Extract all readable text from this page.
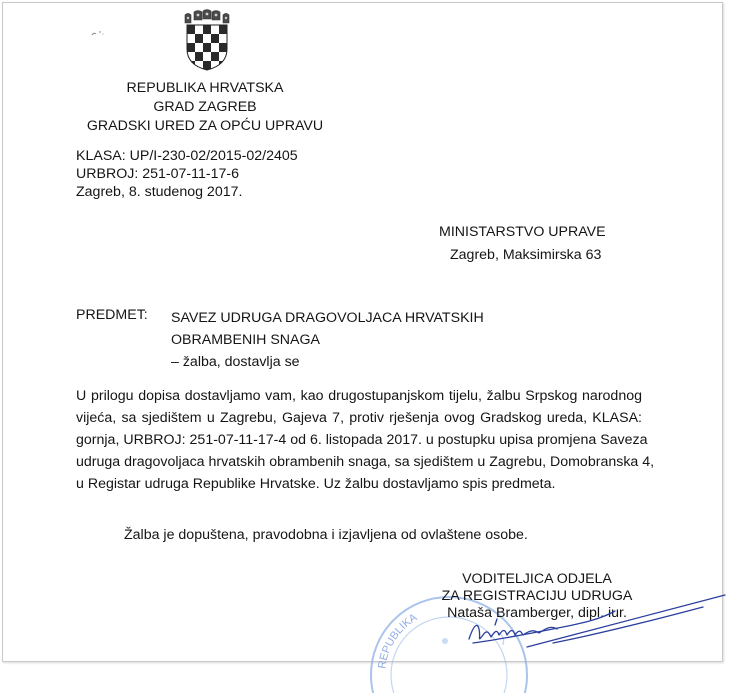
REPUBLIKA HRVATSKA
GRAD ZAGREB
GRADSKI URED ZA OPĆU UPRAVU
KLASA: UP/I-230-02/2015-02/2405
URBROJ: 251-07-11-17-6
Zagreb, 8. studenog 2017.
MINISTARSTVO UPRAVE
Zagreb, Maksimirska 63
PREDMET: SAVEZ UDRUGA DRAGOVOLJACA HRVATSKIH
OBRAMBENIH SNAGA
– žalba, dostavlja se
U prilogu dopisa dostavljamo vam, kao drugostupanjskom tijelu, žalbu Srpskog narodnog
vijeća, sa sjedištem u Zagrebu, Gajeva 7, protiv rješenja ovog Gradskog ureda, KLASA:
gornja, URBROJ: 251-07-11-17-4 od 6. listopada 2017. u postupku upisa promjena Saveza
udruga dragovoljaca hrvatskih obrambenih snaga, sa sjedištem u Zagrebu, Domobranska 4,
u Registar udruga Republike Hrvatske. Uz žalbu dostavljamo spis predmeta.
Žalba je dopuštena, pravodobna i izjavljena od ovlaštene osobe.
REPUBLIKA
VODITELJICA ODJELA
ZA REGISTRACIJU UDRUGA
Nataša Bramberger, dipl. iur.
